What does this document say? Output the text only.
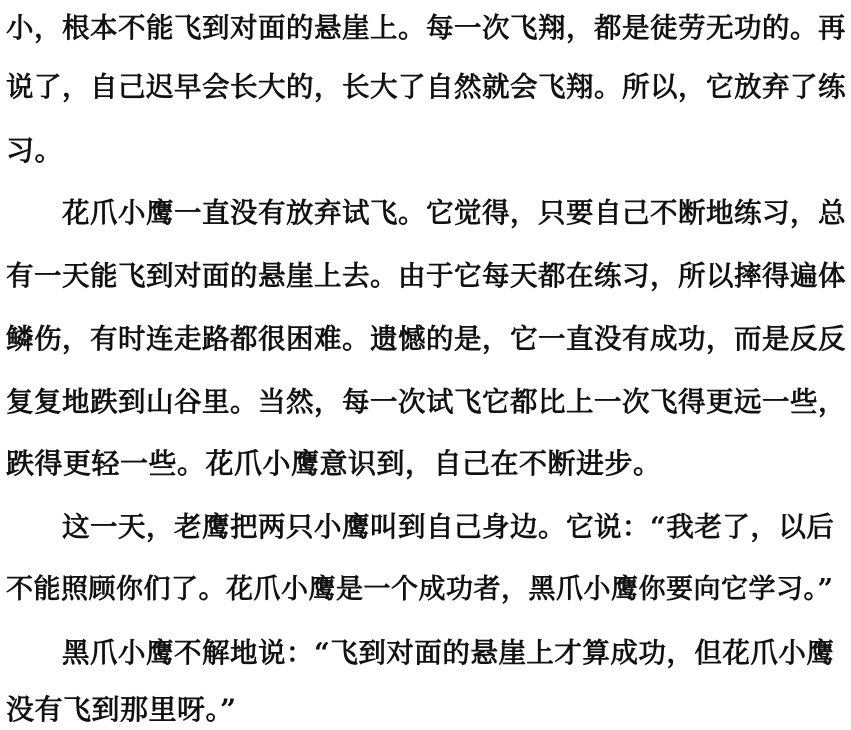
小，根本不能飞到对面的悬崖上。每一次飞翔，都是徒劳无功的。再
说了，自己迟早会长大的，长大了自然就会飞翔。所以，它放弃了练
习。
花爪小鹰一直没有放弃试飞。它觉得，只要自己不断地练习，总
有一天能飞到对面的悬崖上去。由于它每天都在练习，所以摔得遍体
鳞伤，有时连走路都很困难。遗憾的是，它一直没有成功，而是反反
复复地跌到山谷里。当然，每一次试飞它都比上一次飞得更远一些，
跌得更轻一些。花爪小鹰意识到，自己在不断进步。
这一天，老鹰把两只小鹰叫到自己身边。它说：“我老了，以后
不能照顾你们了。花爪小鹰是一个成功者，黑爪小鹰你要向它学习。”
黑爪小鹰不解地说：“飞到对面的悬崖上才算成功，但花爪小鹰
没有飞到那里呀。”
